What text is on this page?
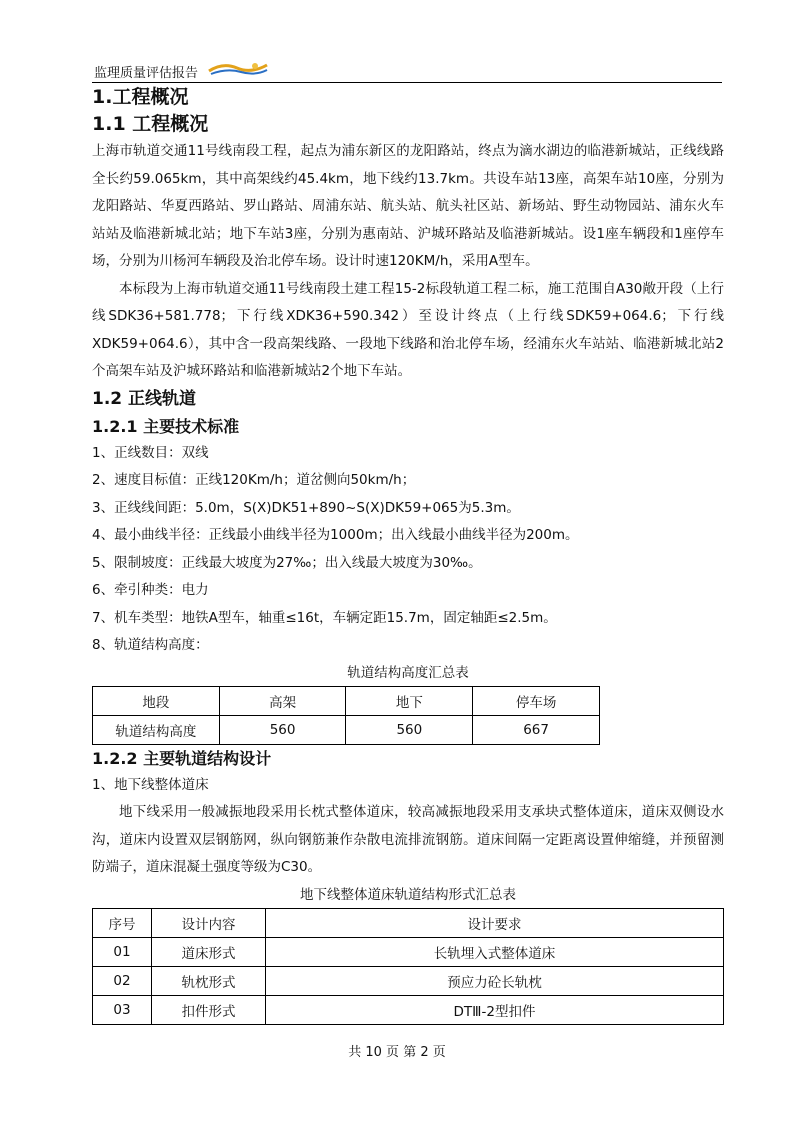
监理质量评估报告
1.工程概况
1.1 工程概况

上海市轨道交通11号线南段工程，起点为浦东新区的龙阳路站，终点为滴水湖边的临港新城站，正线线路全长约59.065km，其中高架线约45.4km，地下线约13.7km。共设车站13座，高架车站10座，分别为龙阳路站、华夏西路站、罗山路站、周浦东站、航头站、航头社区站、新场站、野生动物园站、浦东火车站站及临港新城北站；地下车站3座，分别为惠南站、沪城环路站及临港新城站。设1座车辆段和1座停车场，分别为川杨河车辆段及治北停车场。设计时速120KM/h，采用A型车。

本标段为上海市轨道交通11号线南段土建工程15-2标段轨道工程二标，施工范围自A30敞开段（上行线SDK36+581.778；下行线XDK36+590.342）至设计终点（上行线SDK59+064.6；下行线XDK59+064.6），其中含一段高架线路、一段地下线路和治北停车场，经浦东火车站站、临港新城北站2个高架车站及沪城环路站和临港新城站2个地下车站。

1.2 正线轨道
1.2.1 主要技术标准

1、正线数目：双线

2、速度目标值：正线120Km/h；道岔侧向50km/h；

3、正线线间距：5.0m，S(X)DK51+890~S(X)DK59+065为5.3m。

4、最小曲线半径：正线最小曲线半径为1000m；出入线最小曲线半径为200m。

5、限制坡度：正线最大坡度为27‰；出入线最大坡度为30‰。

6、牵引种类：电力

7、机车类型：地铁A型车，轴重≤16t，车辆定距15.7m，固定轴距≤2.5m。

8、轨道结构高度：

轨道结构高度汇总表

地段	高架	地下	停车场
轨道结构高度	560	560	667
1.2.2 主要轨道结构设计

1、地下线整体道床

地下线采用一般减振地段采用长枕式整体道床，较高减振地段采用支承块式整体道床，道床双侧设水沟，道床内设置双层钢筋网，纵向钢筋兼作杂散电流排流钢筋。道床间隔一定距离设置伸缩缝，并预留测防端子，道床混凝土强度等级为C30。

地下线整体道床轨道结构形式汇总表

序号	设计内容	设计要求
01	道床形式	长轨埋入式整体道床
02	轨枕形式	预应力砼长轨枕
03	扣件形式	DTⅢ-2型扣件
共 10 页 第 2 页
